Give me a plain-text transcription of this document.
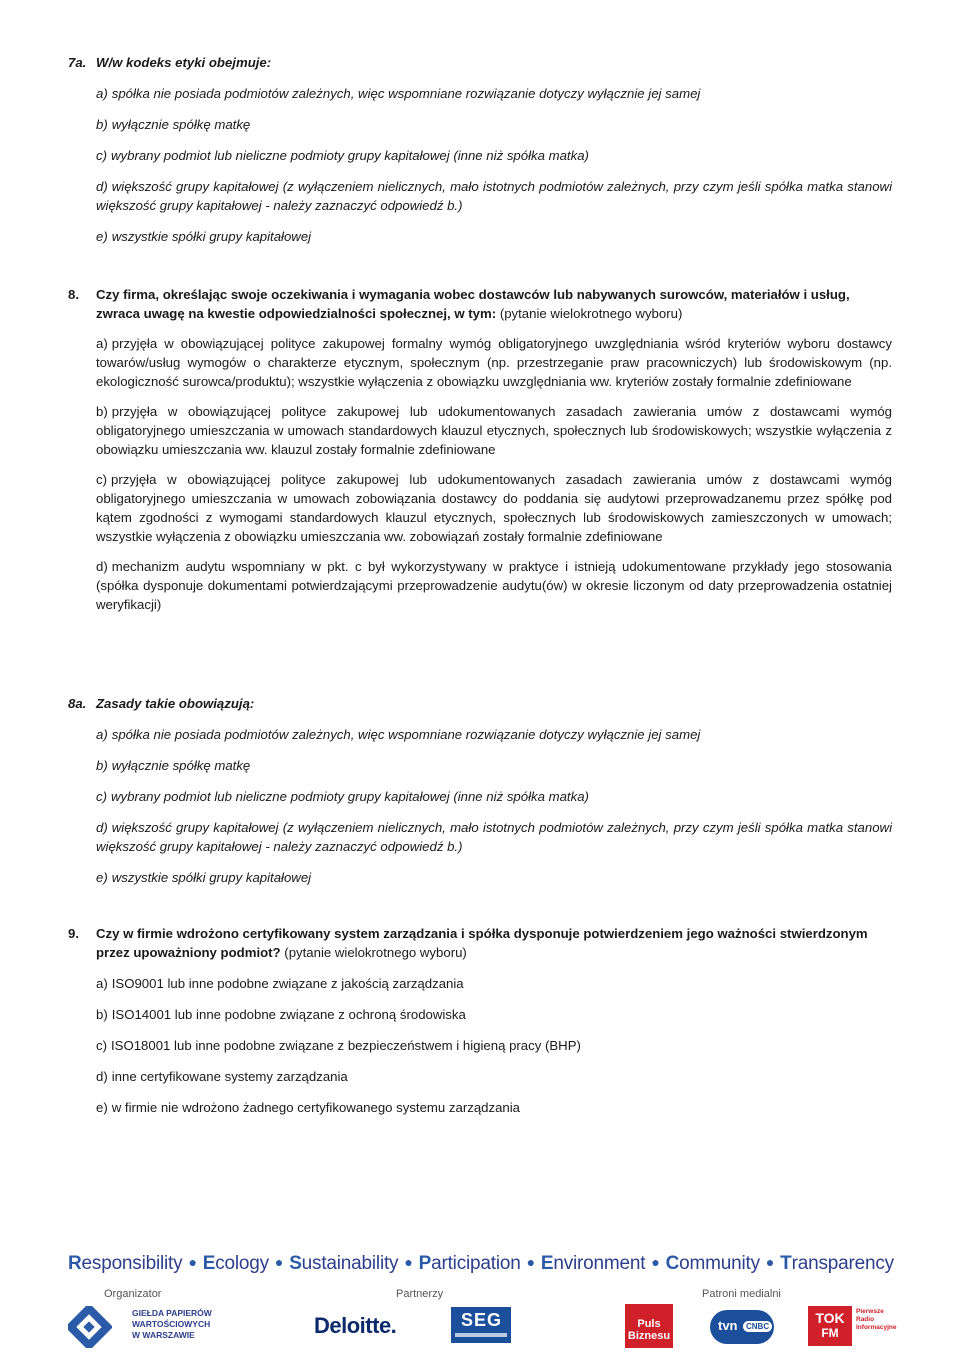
7a. W/w kodeks etyki obejmuje:
a) spółka nie posiada podmiotów zależnych, więc wspomniane rozwiązanie dotyczy wyłącznie jej samej
b) wyłącznie spółkę matkę
c) wybrany podmiot lub nieliczne podmioty grupy kapitałowej (inne niż spółka matka)
d) większość grupy kapitałowej (z wyłączeniem nielicznych, mało istotnych podmiotów zależnych, przy czym jeśli spółka matka stanowi większość grupy kapitałowej - należy zaznaczyć odpowiedź b.)
e) wszystkie spółki grupy kapitałowej
8. Czy firma, określając swoje oczekiwania i wymagania wobec dostawców lub nabywanych surowców, materiałów i usług, zwraca uwagę na kwestie odpowiedzialności społecznej, w tym: (pytanie wielokrotnego wyboru)
a) przyjęła w obowiązującej polityce zakupowej formalny wymóg obligatoryjnego uwzględniania wśród kryteriów wyboru dostawcy towarów/usług wymogów o charakterze etycznym, społecznym (np. przestrzeganie praw pracowniczych) lub środowiskowym (np. ekologiczność surowca/produktu); wszystkie wyłączenia z obowiązku uwzględniania ww. kryteriów zostały formalnie zdefiniowane
b) przyjęła w obowiązującej polityce zakupowej lub udokumentowanych zasadach zawierania umów z dostawcami wymóg obligatoryjnego umieszczania w umowach standardowych klauzul etycznych, społecznych lub środowiskowych; wszystkie wyłączenia z obowiązku umieszczania ww. klauzul zostały formalnie zdefiniowane
c) przyjęła w obowiązującej polityce zakupowej lub udokumentowanych zasadach zawierania umów z dostawcami wymóg obligatoryjnego umieszczania w umowach zobowiązania dostawcy do poddania się audytowi przeprowadzanemu przez spółkę pod kątem zgodności z wymogami standardowych klauzul etycznych, społecznych lub środowiskowych zamieszczonych w umowach; wszystkie wyłączenia z obowiązku umieszczania ww. zobowiązań zostały formalnie zdefiniowane
d) mechanizm audytu wspomniany w pkt. c był wykorzystywany w praktyce i istnieją udokumentowane przykłady jego stosowania (spółka dysponuje dokumentami potwierdzającymi przeprowadzenie audytu(ów) w okresie liczonym od daty przeprowadzenia ostatniej weryfikacji)
8a. Zasady takie obowiązują:
a) spółka nie posiada podmiotów zależnych, więc wspomniane rozwiązanie dotyczy wyłącznie jej samej
b) wyłącznie spółkę matkę
c) wybrany podmiot lub nieliczne podmioty grupy kapitałowej (inne niż spółka matka)
d) większość grupy kapitałowej (z wyłączeniem nielicznych, mało istotnych podmiotów zależnych, przy czym jeśli spółka matka stanowi większość grupy kapitałowej - należy zaznaczyć odpowiedź b.)
e) wszystkie spółki grupy kapitałowej
9. Czy w firmie wdrożono certyfikowany system zarządzania i spółka dysponuje potwierdzeniem jego ważności stwierdzonym przez upoważniony podmiot? (pytanie wielokrotnego wyboru)
a) ISO9001 lub inne podobne związane z jakością zarządzania
b) ISO14001 lub inne podobne związane z ochroną środowiska
c) ISO18001 lub inne podobne związane z bezpieczeństwem i higieną pracy (BHP)
d) inne certyfikowane systemy zarządzania
e) w firmie nie wdrożono żadnego certyfikowanego systemu zarządzania
Responsibility ● Ecology ● Sustainability ● Participation ● Environment ● Community ● Transparency
Organizator	Partnerzy	Patroni medialni
GIEŁDA PAPIERÓW
WARTOŚCIOWYCH
W WARSZAWIE	Deloitte.	SEG	Puls
Biznesu
tvn	CNBC
TOK
FM
Pierwsze
Radio
Informacyjne
